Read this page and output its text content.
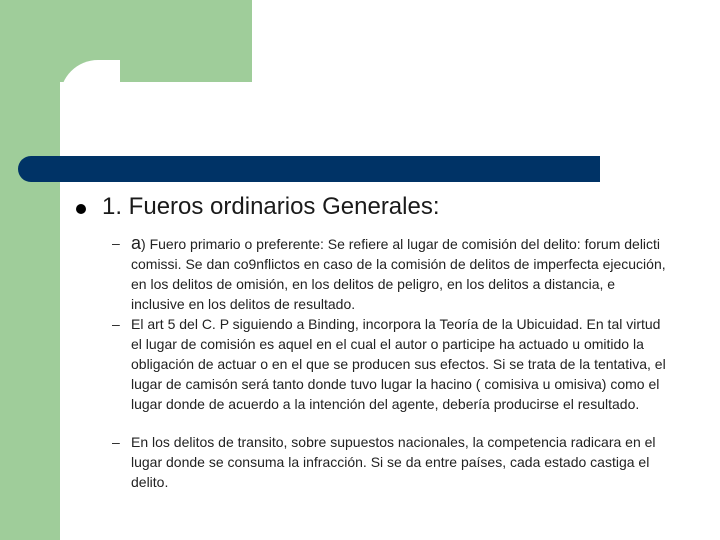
1. Fueros ordinarios Generales:
– a) Fuero primario o preferente: Se refiere al lugar de comisión del delito: forum delicti comissi. Se dan co9nflictos en caso de la comisión de delitos de imperfecta ejecución, en los delitos de omisión, en los delitos de peligro, en los delitos a distancia, e inclusive en los delitos de resultado.
– El art 5 del C. P siguiendo a Binding, incorpora la Teoría de la Ubicuidad. En tal virtud el lugar de comisión es aquel en el cual el autor o participe ha actuado u omitido la obligación de actuar o en el que se producen sus efectos. Si se trata de la tentativa, el lugar de camisón será tanto donde tuvo lugar la hacino ( comisiva u omisiva) como el lugar donde de acuerdo a la intención del agente, debería producirse el resultado.
– En los delitos de transito, sobre supuestos nacionales, la competencia radicara en el lugar donde se consuma la infracción. Si se da entre países, cada estado castiga el delito.
